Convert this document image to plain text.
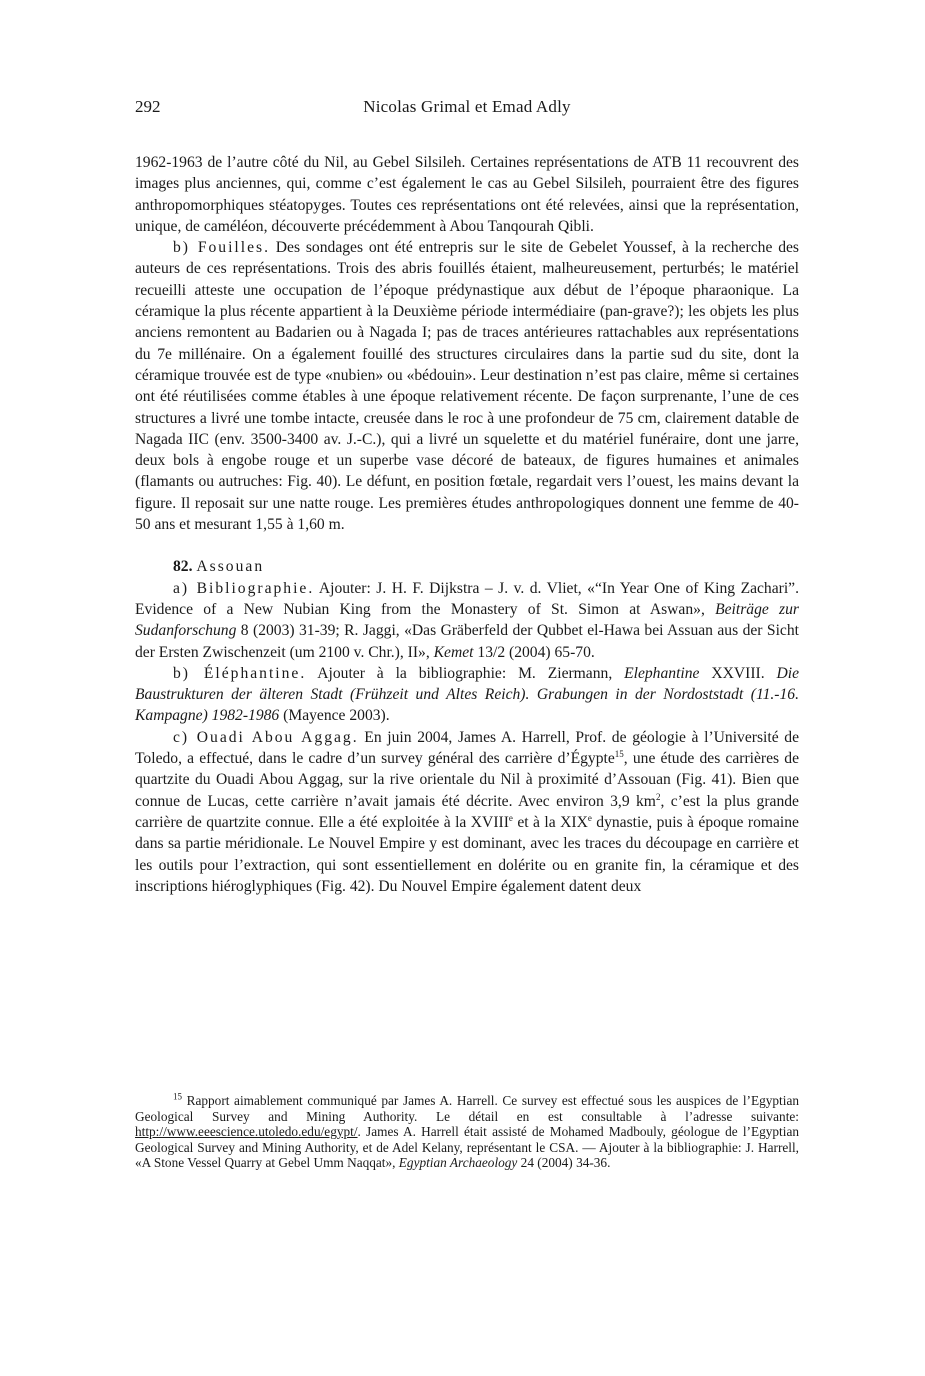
292	Nicolas Grimal et Emad Adly

1962-1963 de l’autre côté du Nil, au Gebel Silsileh. Certaines représentations de ATB 11 recouvrent des images plus anciennes, qui, comme c’est également le cas au Gebel Silsileh, pourraient être des figures anthropomorphiques stéatopyges. Toutes ces représentations ont été relevées, ainsi que la représentation, unique, de caméléon, découverte précédemment à Abou Tanqourah Qibli.

b) Fouilles. Des sondages ont été entrepris sur le site de Gebelet Youssef, à la recherche des auteurs de ces représentations. Trois des abris fouillés étaient, malheureusement, perturbés; le matériel recueilli atteste une occupation de l’époque prédynastique aux début de l’époque pharaonique. La céramique la plus récente appartient à la Deuxième période intermédiaire (pan-grave?); les objets les plus anciens remontent au Badarien ou à Nagada I; pas de traces antérieures rattachables aux représentations du 7e millénaire. On a également fouillé des structures circulaires dans la partie sud du site, dont la céramique trouvée est de type «nubien» ou «bédouin». Leur destination n’est pas claire, même si certaines ont été réutilisées comme étables à une époque relativement récente. De façon surprenante, l’une de ces structures a livré une tombe intacte, creusée dans le roc à une profondeur de 75 cm, clairement datable de Nagada IIC (env. 3500-3400 av. J.-C.), qui a livré un squelette et du matériel funéraire, dont une jarre, deux bols à engobe rouge et un superbe vase décoré de bateaux, de figures humaines et animales (flamants ou autruches: Fig. 40). Le défunt, en position fœtale, regardait vers l’ouest, les mains devant la figure. Il reposait sur une natte rouge. Les premières études anthropologiques donnent une femme de 40-50 ans et mesurant 1,55 à 1,60 m.

82. Assouan

a) Bibliographie. Ajouter: J. H. F. Dijkstra – J. v. d. Vliet, «“In Year One of King Zachari”. Evidence of a New Nubian King from the Monastery of St. Simon at Aswan», Beiträge zur Sudanforschung 8 (2003) 31-39; R. Jaggi, «Das Gräberfeld der Qubbet el-Hawa bei Assuan aus der Sicht der Ersten Zwischenzeit (um 2100 v. Chr.), II», Kemet 13/2 (2004) 65-70.

b) Éléphantine. Ajouter à la bibliographie: M. Ziermann, Elephantine XXVIII. Die Baustrukturen der älteren Stadt (Frühzeit und Altes Reich). Grabungen in der Nordoststadt (11.-16. Kampagne) 1982-1986 (Mayence 2003).

c) Ouadi Abou Aggag. En juin 2004, James A. Harrell, Prof. de géologie à l’Université de Toledo, a effectué, dans le cadre d’un survey général des carrière d’Égypte$^{15}$, une étude des carrières de quartzite du Ouadi Abou Aggag, sur la rive orientale du Nil à proximité d’Assouan (Fig. 41). Bien que connue de Lucas, cette carrière n’avait jamais été décrite. Avec environ 3,9 $km^2$, c’est la plus grande carrière de quartzite connue. Elle a été exploitée à la XVIIIe et à la XIXe dynastie, puis à époque romaine dans sa partie méridionale. Le Nouvel Empire y est dominant, avec les traces du découpage en carrière et les outils pour l’extraction, qui sont essentiellement en dolérite ou en granite fin, la céramique et des inscriptions hiéroglyphiques (Fig. 42). Du Nouvel Empire également datent deux

$^{15}$ Rapport aimablement communiqué par James A. Harrell. Ce survey est effectué sous les auspices de l’Egyptian Geological Survey and Mining Authority. Le détail en est consultable à l’adresse suivante: http://www.eeescience.utoledo.edu/egypt/. James A. Harrell était assisté de Mohamed Madbouly, géologue de l’Egyptian Geological Survey and Mining Authority, et de Adel Kelany, représentant le CSA. — Ajouter à la bibliographie: J. Harrell, «A Stone Vessel Quarry at Gebel Umm Naqqat», Egyptian Archaeology 24 (2004) 34-36.
